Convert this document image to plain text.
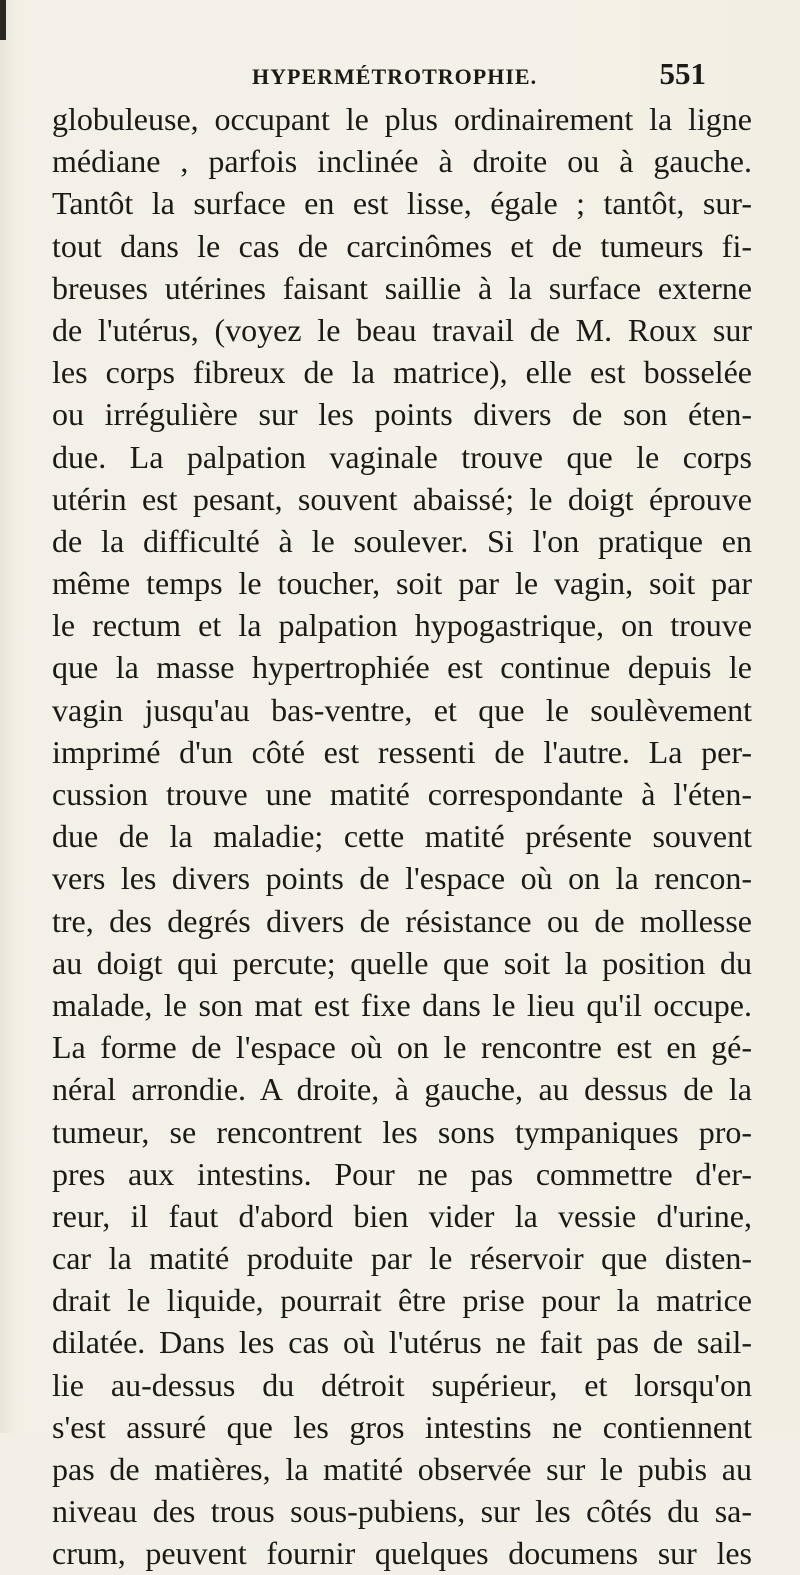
HYPERMÉTROTROPHIE.	551
globuleuse, occupant le plus ordinairement la ligne
médiane , parfois inclinée à droite ou à gauche.
Tantôt la surface en est lisse, égale ; tantôt, sur-
tout dans le cas de carcinômes et de tumeurs fi-
breuses utérines faisant saillie à la surface externe
de l'utérus, (voyez le beau travail de M. Roux sur
les corps fibreux de la matrice), elle est bosselée
ou irrégulière sur les points divers de son éten-
due. La palpation vaginale trouve que le corps
utérin est pesant, souvent abaissé; le doigt éprouve
de la difficulté à le soulever. Si l'on pratique en
même temps le toucher, soit par le vagin, soit par
le rectum et la palpation hypogastrique, on trouve
que la masse hypertrophiée est continue depuis le
vagin jusqu'au bas-ventre, et que le soulèvement
imprimé d'un côté est ressenti de l'autre. La per-
cussion trouve une matité correspondante à l'éten-
due de la maladie; cette matité présente souvent
vers les divers points de l'espace où on la rencon-
tre, des degrés divers de résistance ou de mollesse
au doigt qui percute; quelle que soit la position du
malade, le son mat est fixe dans le lieu qu'il occupe.
La forme de l'espace où on le rencontre est en gé-
néral arrondie. A droite, à gauche, au dessus de la
tumeur, se rencontrent les sons tympaniques pro-
pres aux intestins. Pour ne pas commettre d'er-
reur, il faut d'abord bien vider la vessie d'urine,
car la matité produite par le réservoir que disten-
drait le liquide, pourrait être prise pour la matrice
dilatée. Dans les cas où l'utérus ne fait pas de sail-
lie au-dessus du détroit supérieur, et lorsqu'on
s'est assuré que les gros intestins ne contiennent
pas de matières, la matité observée sur le pubis au
niveau des trous sous-pubiens, sur les côtés du sa-
crum, peuvent fournir quelques documens sur les
